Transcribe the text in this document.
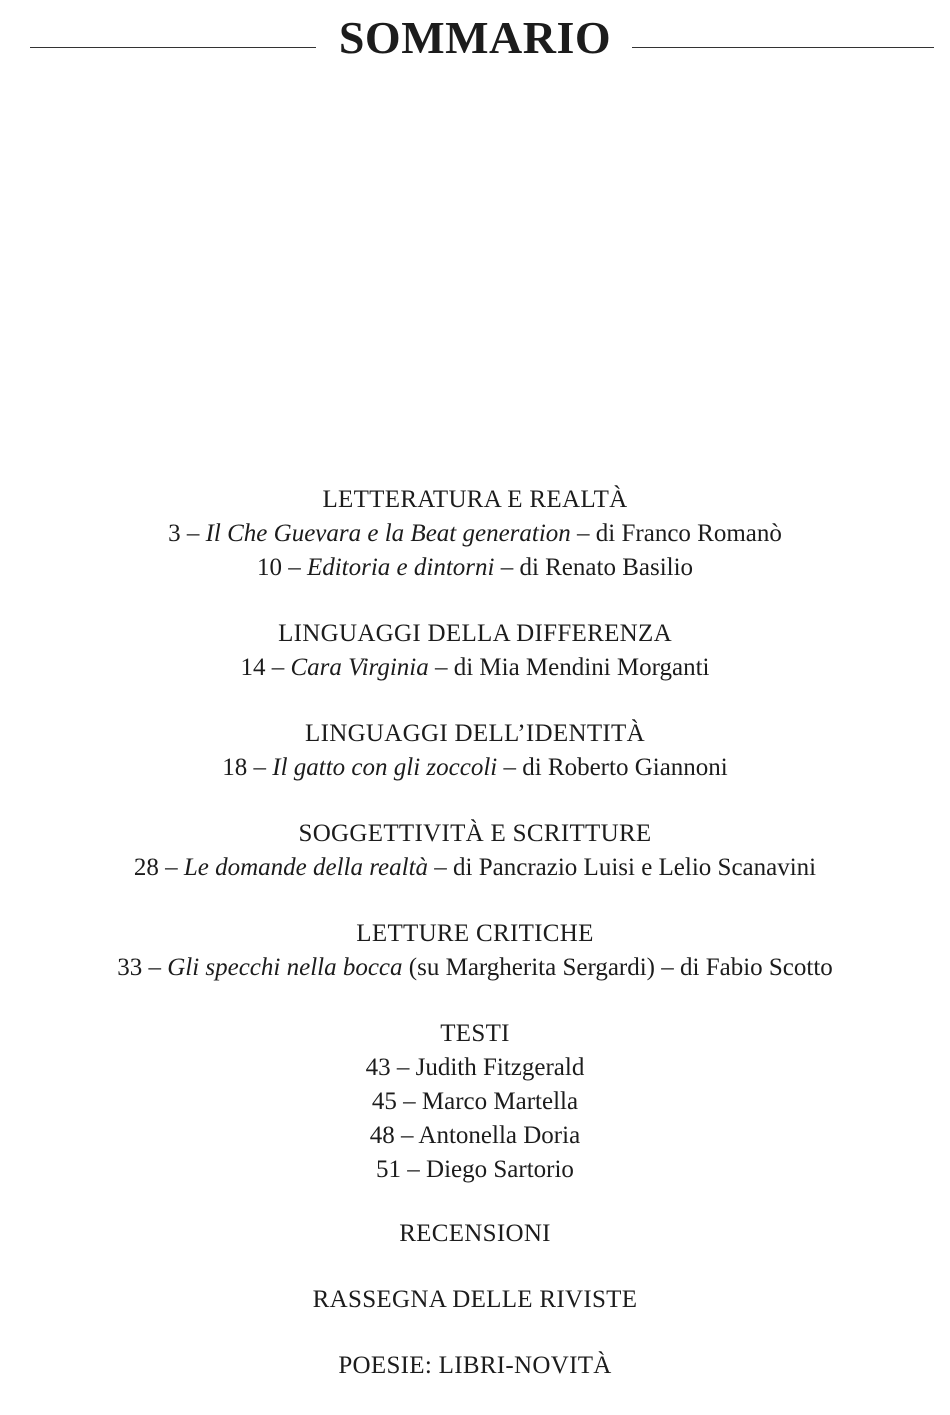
SOMMARIO
LETTERATURA E REALTÀ
3 – Il Che Guevara e la Beat generation – di Franco Romanò
10 – Editoria e dintorni – di Renato Basilio
LINGUAGGI DELLA DIFFERENZA
14 – Cara Virginia – di Mia Mendini Morganti
LINGUAGGI DELL’IDENTITÀ
18 – Il gatto con gli zoccoli – di Roberto Giannoni
SOGGETTIVITÀ E SCRITTURE
28 – Le domande della realtà – di Pancrazio Luisi e Lelio Scanavini
LETTURE CRITICHE
33 – Gli specchi nella bocca (su Margherita Sergardi) – di Fabio Scotto
TESTI
43 – Judith Fitzgerald
45 – Marco Martella
48 – Antonella Doria
51 – Diego Sartorio
RECENSIONI
RASSEGNA DELLE RIVISTE
POESIE: LIBRI-NOVITÀ
